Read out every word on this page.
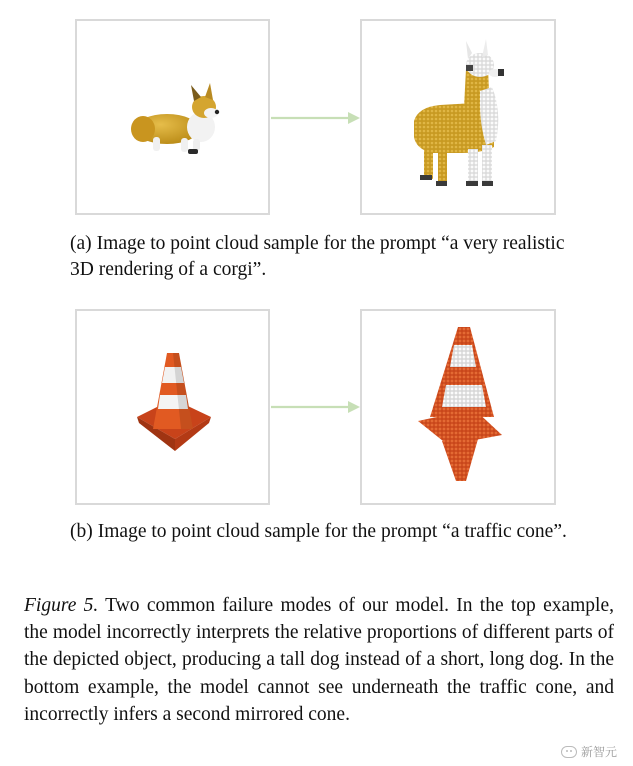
(a) Image to point cloud sample for the prompt “a very realistic 3D rendering of a corgi”.
(b) Image to point cloud sample for the prompt “a traffic cone”.
Figure 5. Two common failure modes of our model. In the top example, the model incorrectly interprets the relative proportions of different parts of the depicted object, producing a tall dog instead of a short, long dog. In the bottom example, the model cannot see underneath the traffic cone, and incorrectly infers a second mirrored cone.
新智元
